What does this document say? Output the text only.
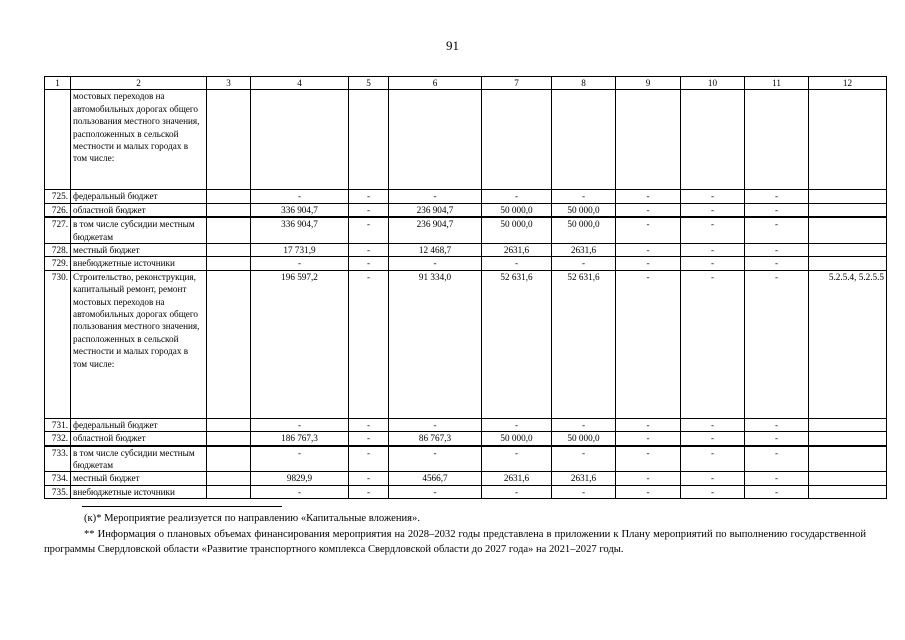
91
1	2	3	4	5	6	7	8	9	10	11	12
	мостовых переходов на автомобильных дорогах общего пользования местного значения, расположенных в сельской местности и малых городах в том числе:										
725.	федеральный бюджет		-	-	-	-	-	-	-	-	
726.	областной бюджет		336 904,7	-	236 904,7	50 000,0	50 000,0	-	-	-	
727.	в том числе субсидии местным бюджетам		336 904,7	-	236 904,7	50 000,0	50 000,0	-	-	-	
728.	местный бюджет		17 731,9	-	12 468,7	2631,6	2631,6	-	-	-	
729.	внебюджетные источники		-	-	-	-	-	-	-	-	
730.	Строительство, реконструкция, капитальный ремонт, ремонт мостовых переходов на автомобильных дорогах общего пользования местного значения, расположенных в сельской местности и малых городах в том числе:		196 597,2	-	91 334,0	52 631,6	52 631,6	-	-	-	5.2.5.4, 5.2.5.5
731.	федеральный бюджет		-	-	-	-	-	-	-	-	
732.	областной бюджет		186 767,3	-	86 767,3	50 000,0	50 000,0	-	-	-	
733.	в том числе субсидии местным бюджетам		-	-	-	-	-	-	-	-	
734.	местный бюджет		9829,9	-	4566,7	2631,6	2631,6	-	-	-	
735.	внебюджетные источники		-	-	-	-	-	-	-	-	
(к)* Мероприятие реализуется по направлению «Капитальные вложения».
** Информация о плановых объемах финансирования мероприятия на 2028–2032 годы представлена в приложении к Плану мероприятий по выполнению государственной программы Свердловской области «Развитие транспортного комплекса Свердловской области до 2027 года» на 2021–2027 годы.
